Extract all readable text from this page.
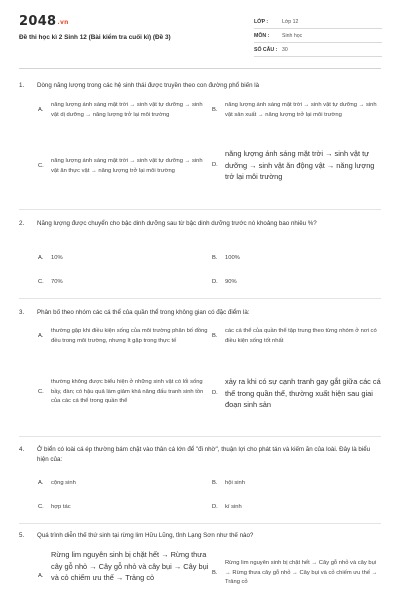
2048.vn
Đề thi học kì 2 Sinh 12 (Bài kiểm tra cuối kì) (Đề 3)
LỚP :	Lớp 12
MÔN :	Sinh học
SỐ CÂU : 30
1.	Dòng năng lượng trong các hệ sinh thái được truyền theo con đường phổ biến là
A.
năng lượng ánh sáng mặt trời → sinh vật tự dưỡng → sinh vật dị dưỡng → năng lượng trở lại môi trường
B.
năng lượng ánh sáng mặt trời → sinh vật tự dưỡng → sinh vật sản xuất → năng lượng trở lại môi trường
C.
năng lượng ánh sáng mặt trời → sinh vật tự dưỡng → sinh vật ăn thực vật → năng lượng trở lại môi trường
D.
năng lượng ánh sáng mặt trời → sinh vật tự dưỡng → sinh vật ăn động vật → năng lượng trở lại môi trường
2.	Năng lượng được chuyển cho bậc dinh dưỡng sau từ bậc dinh dưỡng trước nó khoảng bao nhiêu %?
A.	10%	B.	100%
C.	70%	D.	90%
3.	Phân bố theo nhóm các cá thể của quần thể trong không gian có đặc điểm là:
A.
thường gặp khi điều kiện sống của môi trường phân bố đồng đều trong môi trường, nhưng ít gặp trong thực tế
B.
các cá thể của quần thể tập trung theo từng nhóm ở nơi có điều kiện sống tốt nhất
C.
thường không được biểu hiện ở những sinh vật có lối sống bầy, đàn; có hậu quả làm giảm khả năng đấu tranh sinh tồn của các cá thể trong quần thể
D.
xảy ra khi có sự cạnh tranh gay gắt giữa các cá thể trong quần thể, thường xuất hiện sau giai đoạn sinh sản
4.	Ở biển có loài cá ép thường bám chặt vào thân cá lớn để "đi nhờ", thuận lợi cho phát tán và kiếm ăn của loài. Đây là biểu hiện của:
A.	cộng sinh	B.	hội sinh
C.	hợp tác	D.	kí sinh
5.	Quá trình diễn thế thứ sinh tại rừng lim Hữu Lũng, tỉnh Lạng Sơn như thế nào?
A.
Rừng lim nguyên sinh bị chặt hết → Rừng thưa cây gỗ nhỏ → Cây gỗ nhỏ và cây bụi → Cây bụi và cỏ chiếm ưu thế → Trảng cỏ	B.
Rừng lim nguyên sinh bị chặt hết → Cây gỗ nhỏ và cây bụi → Rừng thưa cây gỗ nhỏ → Cây bụi và cỏ chiếm ưu thế → Trảng cỏ
